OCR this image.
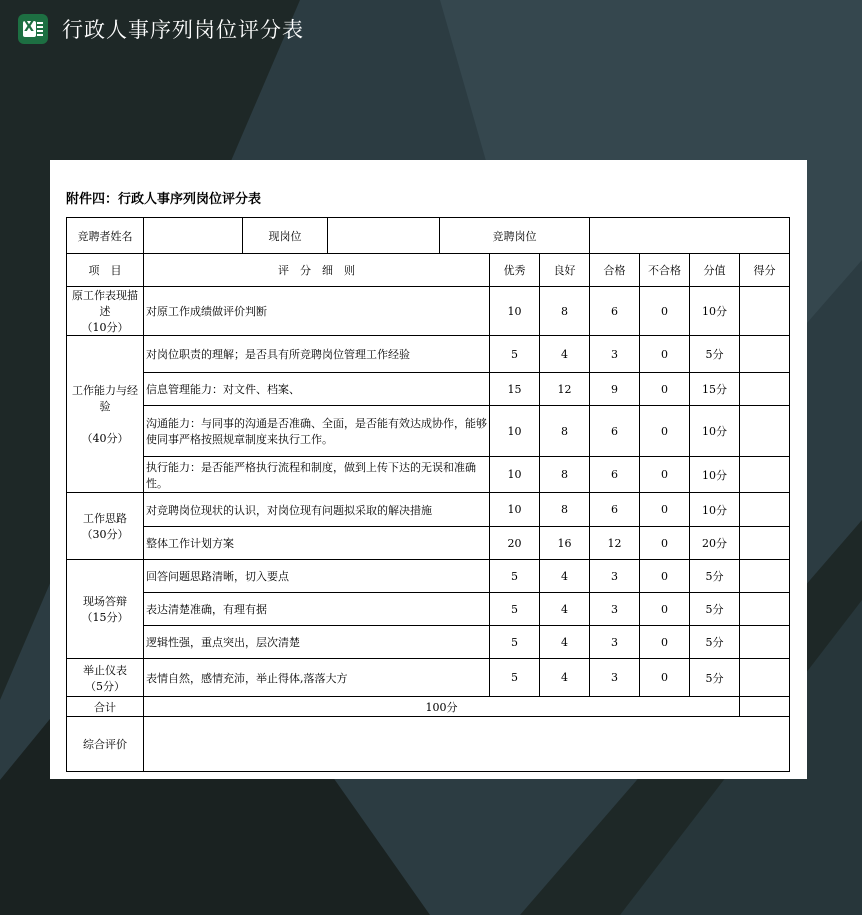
X 行政人事序列岗位评分表
附件四：行政人事序列岗位评分表
竞聘者姓名		现岗位		竞聘岗位						
项　目	评　分　细　则				优秀	良好	合格	不合格	分值	得分

原工作表现描述
（10分）	对原工作成绩做评价判断				10	8	6	0	10分	

工作能力与经验
（40分）	对岗位职责的理解；是否具有所竞聘岗位管理工作经验				5	4	3	0	5分	
	信息管理能力：对文件、档案、				15	12	9	0	15分	
	沟通能力：与同事的沟通是否准确、全面，是否能有效达成协作，能够使同事严格按照规章制度来执行工作。				10	8	6	0	10分	
	执行能力：是否能严格执行流程和制度，做到上传下达的无误和准确性。				10	8	6	0	10分	

工作思路
（30分）	对竞聘岗位现状的认识，对岗位现有问题拟采取的解决措施				10	8	6	0	10分	
	整体工作计划方案				20	16	12	0	20分	

现场答辩
（15分）	回答问题思路清晰，切入要点				5	4	3	0	5分	
	表达清楚准确，有理有据				5	4	3	0	5分	
	逻辑性强，重点突出，层次清楚				5	4	3	0	5分	

举止仪表
（5分）	表情自然，感情充沛，举止得体,落落大方				5	4	3	0	5分	
合计	100分									
综合评价										
